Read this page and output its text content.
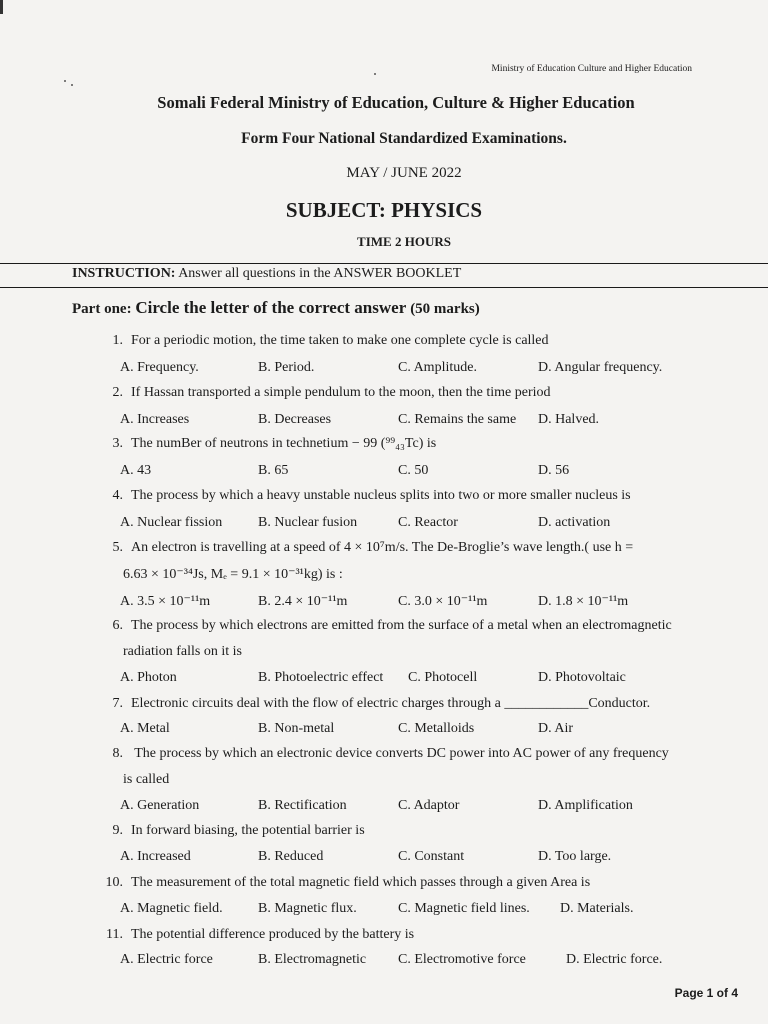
Ministry of Education Culture and Higher Education
Somali Federal Ministry of Education, Culture & Higher Education
Form Four National Standardized Examinations.
MAY / JUNE 2022
SUBJECT: PHYSICS
TIME 2 HOURS
INSTRUCTION: Answer all questions in the ANSWER BOOKLET
Part one: Circle the letter of the correct answer (50 marks)
1. For a periodic motion, the time taken to make one complete cycle is called
A. Frequency.	B. Period.	C. Amplitude.	D. Angular frequency.
2. If Hassan transported a simple pendulum to the moon, then the time period
A. Increases	B. Decreases	C. Remains the same D. Halved.
3. The numBer of neutrons in technetium − 99 (⁹⁹₄₃Tc) is
A. 43	B. 65	C. 50	D. 56
4. The process by which a heavy unstable nucleus splits into two or more smaller nucleus is
A. Nuclear fission	B. Nuclear fusion	C. Reactor	D. activation
5. An electron is travelling at a speed of 4 × 10⁷m/s. The De-Broglie’s wave length.( use h =
6.63 × 10⁻³⁴Js, Mₑ = 9.1 × 10⁻³¹kg) is :
A. 3.5 × 10⁻¹¹m	B. 2.4 × 10⁻¹¹m	C. 3.0 × 10⁻¹¹m	D. 1.8 × 10⁻¹¹m
6. The process by which electrons are emitted from the surface of a metal when an electromagnetic
radiation falls on it is
A. Photon	B. Photoelectric effect C. Photocell	D. Photovoltaic
7. Electronic circuits deal with the flow of electric charges through a ____________Conductor.
A. Metal	B. Non-metal	C. Metalloids	D. Air
8. The process by which an electronic device converts DC power into AC power of any frequency
is called
A. Generation	B. Rectification	C. Adaptor	D. Amplification
9. In forward biasing, the potential barrier is
A. Increased	B. Reduced	C. Constant	D. Too large.
10. The measurement of the total magnetic field which passes through a given Area is
A. Magnetic field.	B. Magnetic flux.	C. Magnetic field lines. D. Materials.
11. The potential difference produced by the battery is
A. Electric force	B. Electromagnetic C. Electromotive force	D. Electric force.
Page 1 of 4
